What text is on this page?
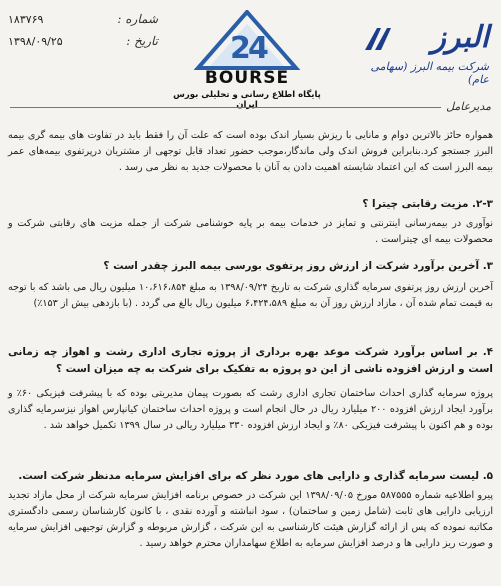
شماره :
۱۸۳۷۶۹
تاریخ :
۱۳۹۸/۰۹/۲۵	2
4
BOURSE
پایگاه اطلاع رسانی و تحلیلی بورس ایران
البرز
شرکت بیمه البرز (سهامی عام)
مدیرعامل

همواره حائز بالاترین دوام و مانایی با ریزش بسیار اندک بوده است که علت آن را فقط باید در تفاوت های بیمه گری بیمه البرز جستجو کرد.بنابراین فروش اندک ولی ماندگار،موجب حضور تعداد قابل توجهی از مشتریان درپرتفوی بیمه‌های عمر بیمه البرز است که این اعتماد شایسته اهمیت دادن به آنان با محصولات جدید به نظر می رسد .

۲-۳. مزیت رقابتی چیترا ؟

نوآوری در بیمه‌رسانی اینترنتی و تمایز در خدمات بیمه بر پایه خوشنامی شرکت از جمله مزیت های رقابتی شرکت و محصولات بیمه ای چیتراست .

۳. آخرین برآورد شرکت از ارزش روز پرتفوی بورسی بیمه البرز چقدر است ؟

آخرین ارزش روز پرتفوی سرمایه گذاری شرکت به تاریخ ۱۳۹۸/۰۹/۲۴ به مبلغ ۱۰،۶۱۶،۸۵۴ میلیون ریال می باشد که با توجه به قیمت تمام شده آن ، مازاد ارزش روز آن به مبلغ ۶،۴۲۴،۵۸۹ میلیون ریال بالغ می گردد . (با بازدهی بیش از ۱۵۳٪)

۴. بر اساس برآورد شرکت موعد بهره برداری از پروژه تجاری اداری رشت و اهواز چه زمانی است و ارزش افزوده ناشی از این دو پروژه به تفکیک برای شرکت به چه میزان است ؟

پروژه سرمایه گذاری احداث ساختمان تجاری اداری رشت که بصورت پیمان مدیریتی بوده که با پیشرفت فیزیکی ۶۰٪ و برآورد ایجاد ارزش افزوده ۲۰۰ میلیارد ریال در حال انجام است و پروژه احداث ساختمان کیانپارس اهواز نیزسرمایه گذاری بوده و هم اکنون با پیشرفت فیزیکی ۸۰٪ و ایجاد ارزش افزوده ۳۳۰ میلیارد ریالی در سال ۱۳۹۹ تکمیل خواهد شد .

۵. لیست سرمایه گذاری و دارایی های مورد نظر که برای افزایش سرمایه مدنظر شرکت است.

پیرو اطلاعیه شماره ۵۸۷۵۵۵ مورخ ۱۳۹۸/۰۹/۰۵ این شرکت در خصوص برنامه افزایش سرمایه شرکت از محل مازاد تجدید ارزیابی دارایی های ثابت (شامل زمین و ساختمان) ، سود انباشته و آورده نقدی ، با کانون کارشناسان رسمی دادگستری مکاتبه نموده که پس از ارائه گزارش هیئت کارشناسی به این شرکت ، گزارش مربوطه و گزارش توجیهی افزایش سرمایه و صورت ریز دارایی ها و درصد افزایش سرمایه به اطلاع سهامداران محترم خواهد رسید .
